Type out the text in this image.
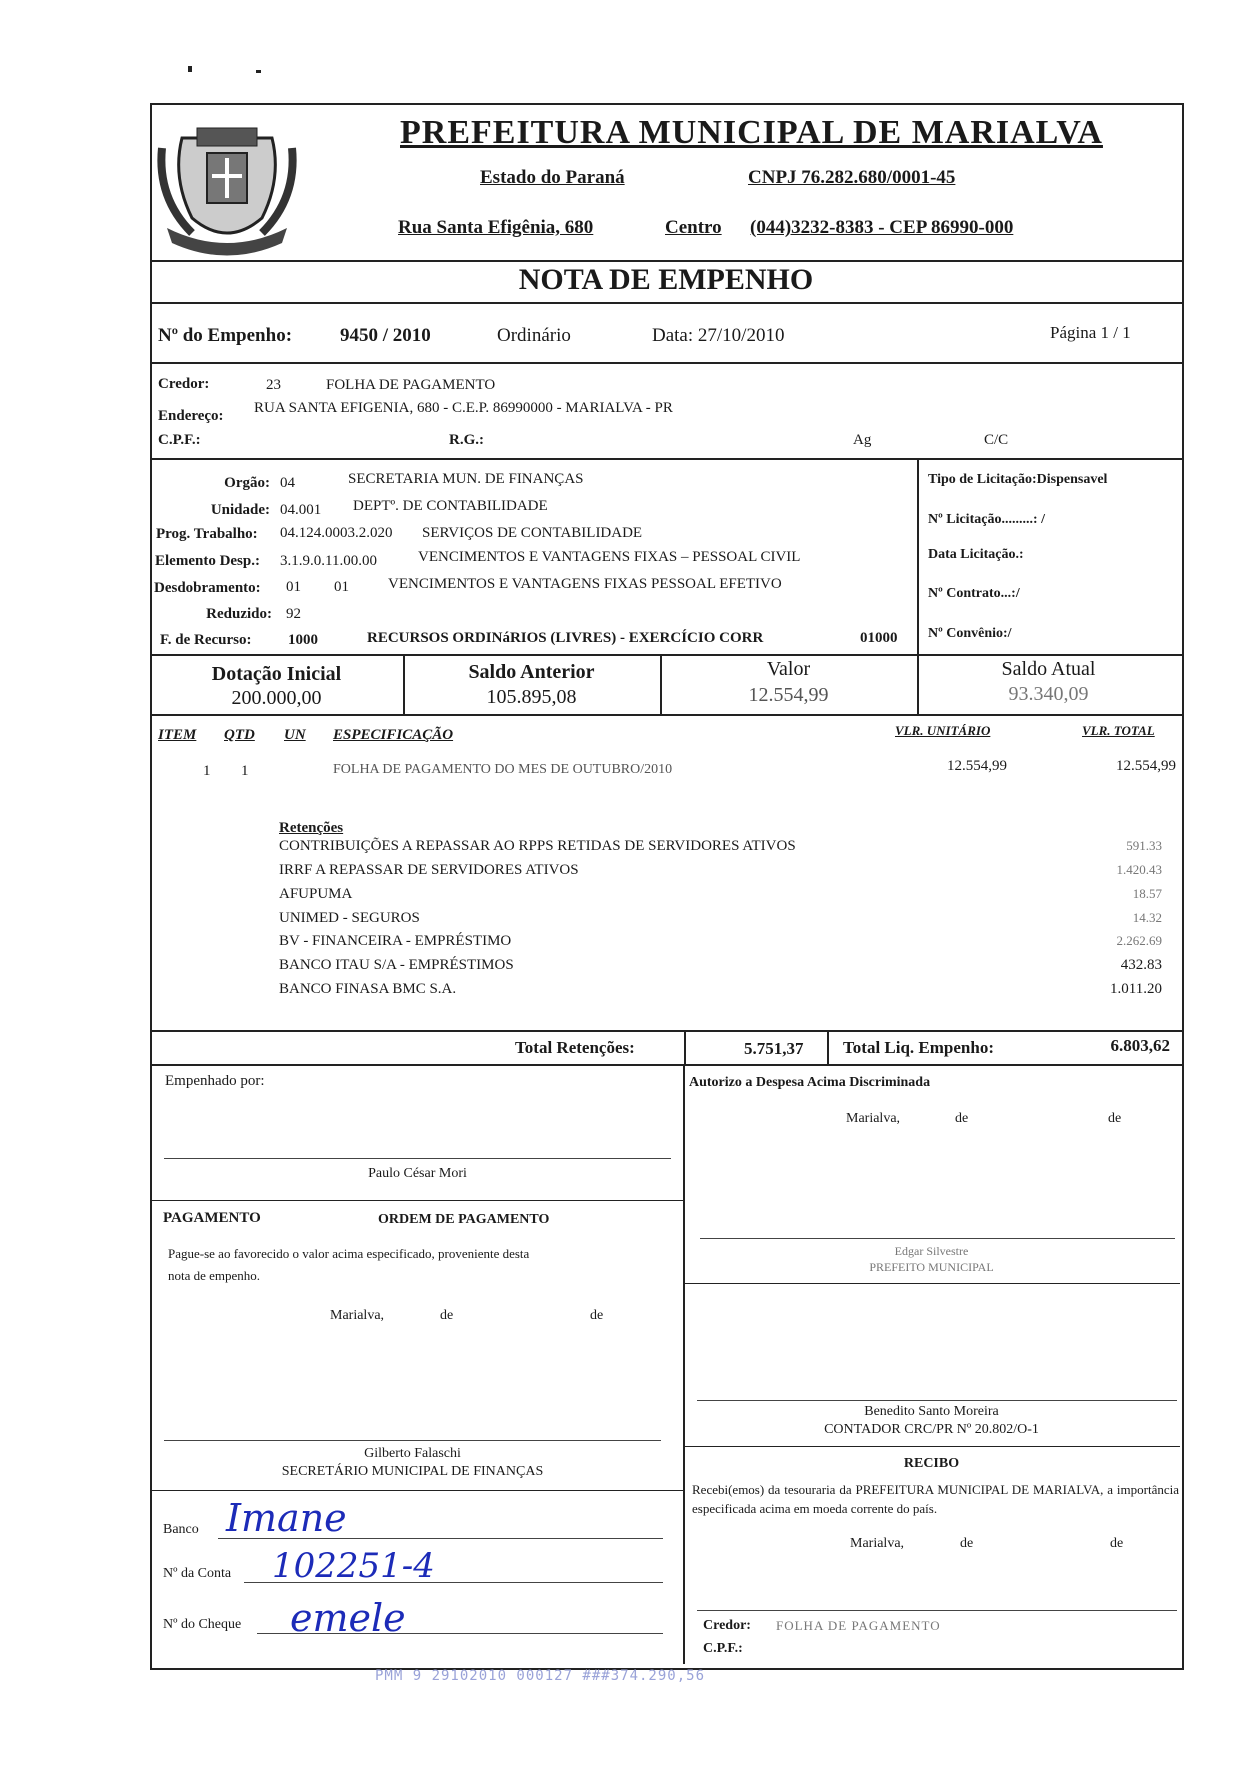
PREFEITURA MUNICIPAL DE MARIALVA
Estado do Paraná	CNPJ 76.282.680/0001-45
Rua Santa Efigênia, 680	Centro (044)3232-8383 - CEP 86990-000
NOTA DE EMPENHO
Nº do Empenho:	9450 / 2010	Ordinário	Data: 27/10/2010	Página 1 / 1
Credor:	23	FOLHA DE PAGAMENTO
Endereço: RUA SANTA EFIGENIA, 680 - C.E.P. 86990000 - MARIALVA - PR
C.P.F.:	R.G.:	Ag	C/C
Orgão: 04	SECRETARIA MUN. DE FINANÇAS
Unidade: 04.001 DEPTº. DE CONTABILIDADE
Prog. Trabalho: 04.124.0003.2.020 SERVIÇOS DE CONTABILIDADE
Elemento Desp.: 3.1.9.0.11.00.00	VENCIMENTOS E VANTAGENS FIXAS – PESSOAL CIVIL
Desdobramento: 01 01	VENCIMENTOS E VANTAGENS FIXAS PESSOAL EFETIVO
Reduzido: 92
F. de Recurso: 1000	RECURSOS ORDINáRIOS (LIVRES) - EXERCÍCIO CORR	01000
Tipo de Licitação:Dispensavel
Nº Licitação.........: /
Data Licitação.:
Nº Contrato...:/
Nº Convênio:/
Dotação Inicial
200.000,00
Saldo Anterior
105.895,08
Valor
12.554,99
Saldo Atual
93.340,09
ITEM QTD UN ESPECIFICAÇÃO	VLR. UNITÁRIO	VLR. TOTAL
1 1	FOLHA DE PAGAMENTO DO MES DE OUTUBRO/2010	12.554,99	12.554,99
Retenções
CONTRIBUIÇÕES A REPASSAR AO RPPS RETIDAS DE SERVIDORES ATIVOS	591.33
IRRF A REPASSAR DE SERVIDORES ATIVOS	1.420.43
AFUPUMA	18.57
UNIMED - SEGUROS	14.32
BV - FINANCEIRA - EMPRÉSTIMO	2.262.69
BANCO ITAU S/A - EMPRÉSTIMOS	432.83
BANCO FINASA BMC S.A.	1.011.20
Total Retenções:	5.751,37 Total Liq. Empenho:	6.803,62
Empenhado por:
Paulo César Mori
Autorizo a Despesa Acima Discriminada
Marialva,	de	de
PAGAMENTO	ORDEM DE PAGAMENTO
Pague-se ao favorecido o valor acima especificado, proveniente desta
nota de empenho.
Marialva,	de	de
Edgar Silvestre
PREFEITO MUNICIPAL
Benedito Santo Moreira
CONTADOR CRC/PR Nº 20.802/O-1
Gilberto Falaschi
SECRETÁRIO MUNICIPAL DE FINANÇAS
RECIBO
Recebi(emos) da tesouraria da PREFEITURA MUNICIPAL DE MARIALVA, a importância especificada acima em moeda corrente do país.
Marialva,	de	de
Credor: FOLHA DE PAGAMENTO
C.P.F.:
Banco Imane
Nº da Conta 102251-4
Nº do Cheque emele
PMM 9 29102010 000127 ###374.290,56
